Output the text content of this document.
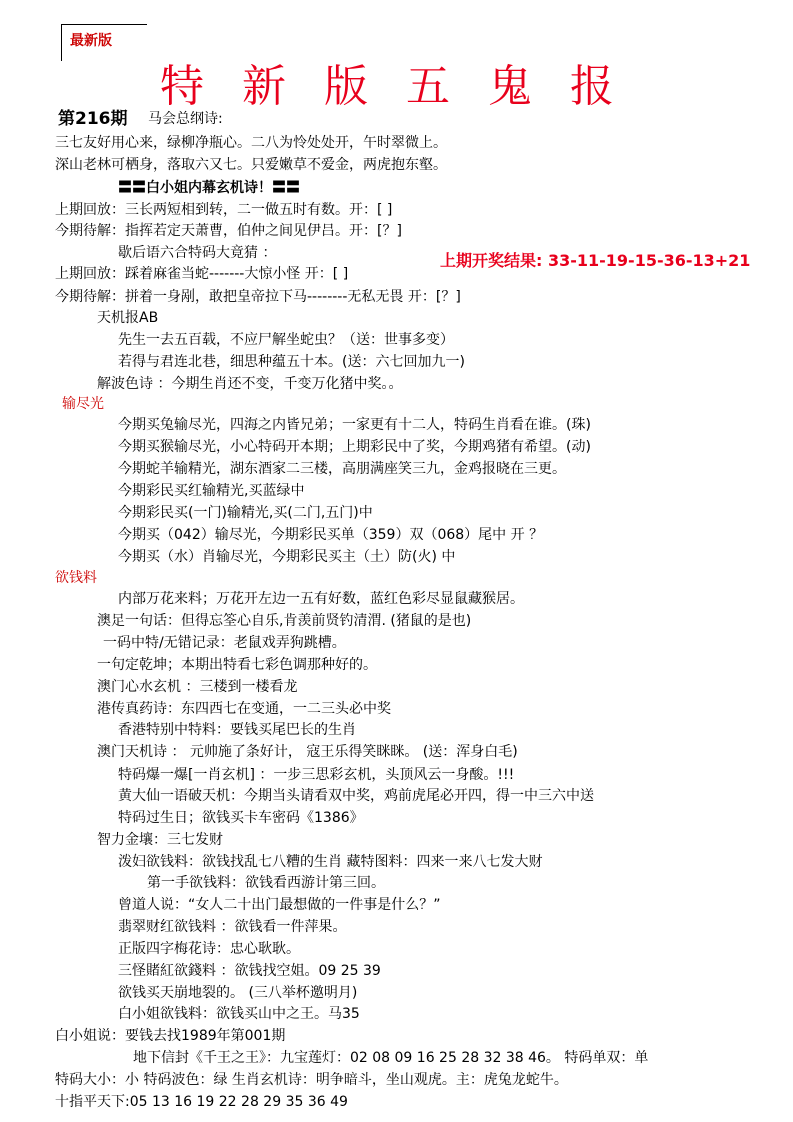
最新版
特 新 版 五 鬼 报
第216期 马会总纲诗:
上期开奖结果: 33-11-19-15-36-13+21
输尽光
欲钱料
三七友好用心来，绿柳净瓶心。二八为怜处处开，午时翠微上。
深山老林可栖身，落取六又七。只爱嫩草不爱金，两虎抱东壑。
〓〓白小姐内幕玄机诗！〓〓
上期回放：三长两短相到转，二一做五时有数。开：[ ]
今期待解：指挥若定天萧曹，伯仲之间见伊吕。开：[？]
歇后语六合特码大竟猜 ：
上期回放：踩着麻雀当蛇-------大惊小怪 开：[ ]
今期待解：拼着一身剐，敢把皇帝拉下马--------无私无畏 开：[？]
天机报AB
先生一去五百载，不应尸解坐蛇虫？（送：世事多变）
若得与君连北巷，细思种蕴五十本。(送：六七回加九一)
解波色诗 ：今期生肖还不变，千变万化猪中奖。。
今期买兔输尽光，四海之内皆兄弟；一家更有十二人，特码生肖看在谁。(珠)
今期买猴输尽光，小心特码开本期；上期彩民中了奖，今期鸡猪有希望。(动)
今期蛇羊输精光，湖东酒家二三楼，高朋满座笑三九，金鸡报晓在三更。
今期彩民买红输精光,买蓝绿中
今期彩民买(一门)输精光,买(二门,五门)中
今期买（042）输尽光，今期彩民买单（359）双（068）尾中 开 ？
今期买（水）肖输尽光，今期彩民买主（土）防(火) 中
内部万花来料；万花开左边一五有好数，蓝红色彩尽显鼠藏猴居。
澳足一句话：但得忘筌心自乐,肯羡前贤钓清渭. (猪鼠的是也)
一码中特/无错记录：老鼠戏弄狗跳槽。
一句定乾坤；本期出特看七彩色调那种好的。
澳门心水玄机 ：三楼到一楼看龙
港传真药诗：东四西七在变通，一二三头必中奖
香港特别中特料：要钱买尾巴长的生肖
澳门天机诗 ： 元帅施了条好计， 寇王乐得笑眯眯。 (送：浑身白毛)
特码爆一爆[一肖玄机] ：一步三思彩玄机，头顶风云一身酸。!!!
黄大仙一语破天机：今期当头请看双中奖，鸡前虎尾必开四，得一中三六中送
特码过生日；欲钱买卡车密码《1386》
智力金壤：三七发财
泼妇欲钱料：欲钱找乱七八糟的生肖 藏特图料：四来一来八七发大财
第一手欲钱料：欲钱看西游计第三回。
曾道人说：“女人二十出门最想做的一件事是什么？”
翡翠财红欲钱料 ：欲钱看一件萍果。
正版四字梅花诗：忠心耿耿。
三怪賭紅欲錢料 ：欲钱找空姐。09 25 39
欲钱买天崩地裂的。 (三八举杯邀明月)
白小姐欲钱料：欲钱买山中之王。马35
白小姐说：要钱去找1989年第001期
地下信封《千王之王》：九宝莲灯：02 08 09 16 25 28 32 38 46。 特码单双：单
特码大小：小 特码波色：绿 生肖玄机诗：明争暗斗，坐山观虎。主：虎兔龙蛇牛。
十指平天下:05 13 16 19 22 28 29 35 36 49
